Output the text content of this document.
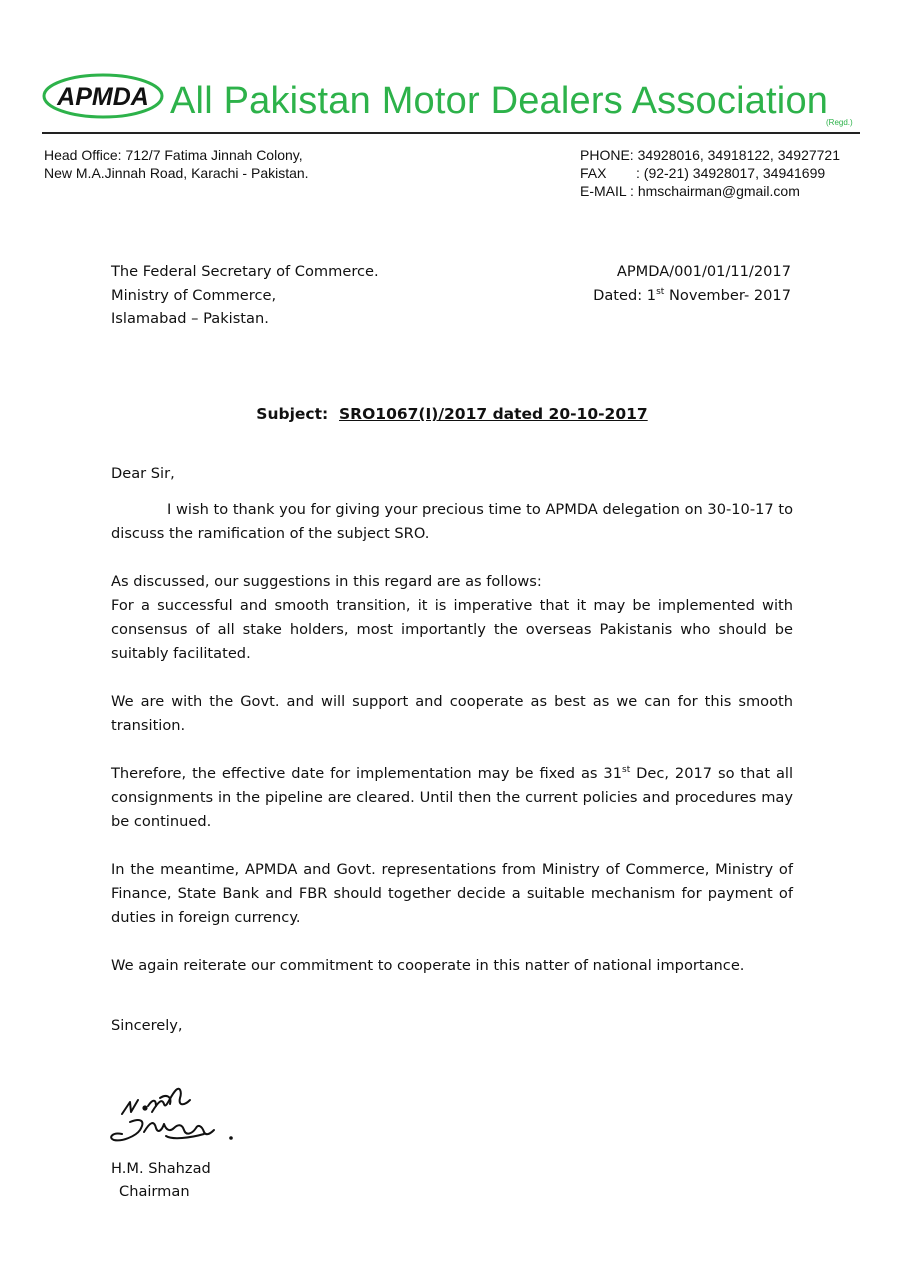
APMDA All Pakistan Motor Dealers Association
(Regd.)
Head Office: 712/7 Fatima Jinnah Colony,
New M.A.Jinnah Road, Karachi - Pakistan.
PHONE: 34928016, 34918122, 34927721
FAX : (92-21) 34928017, 34941699
E-MAIL : hmschairman@gmail.com
The Federal Secretary of Commerce.
Ministry of Commerce,
Islamabad – Pakistan.
APMDA/001/01/11/2017
Dated: 1st November- 2017
Subject: SRO1067(I)/2017 dated 20-10-2017
Dear Sir,

I wish to thank you for giving your precious time to APMDA delegation on 30-10-17 to discuss the ramification of the subject SRO.

As discussed, our suggestions in this regard are as follows:

For a successful and smooth transition, it is imperative that it may be implemented with consensus of all stake holders, most importantly the overseas Pakistanis who should be suitably facilitated.

We are with the Govt. and will support and cooperate as best as we can for this smooth transition.

Therefore, the effective date for implementation may be fixed as 31st Dec, 2017 so that all consignments in the pipeline are cleared. Until then the current policies and procedures may be continued.

In the meantime, APMDA and Govt. representations from Ministry of Commerce, Ministry of Finance, State Bank and FBR should together decide a suitable mechanism for payment of duties in foreign currency.

We again reiterate our commitment to cooperate in this natter of national importance.

Sincerely,
H.M. Shahzad
Chairman
